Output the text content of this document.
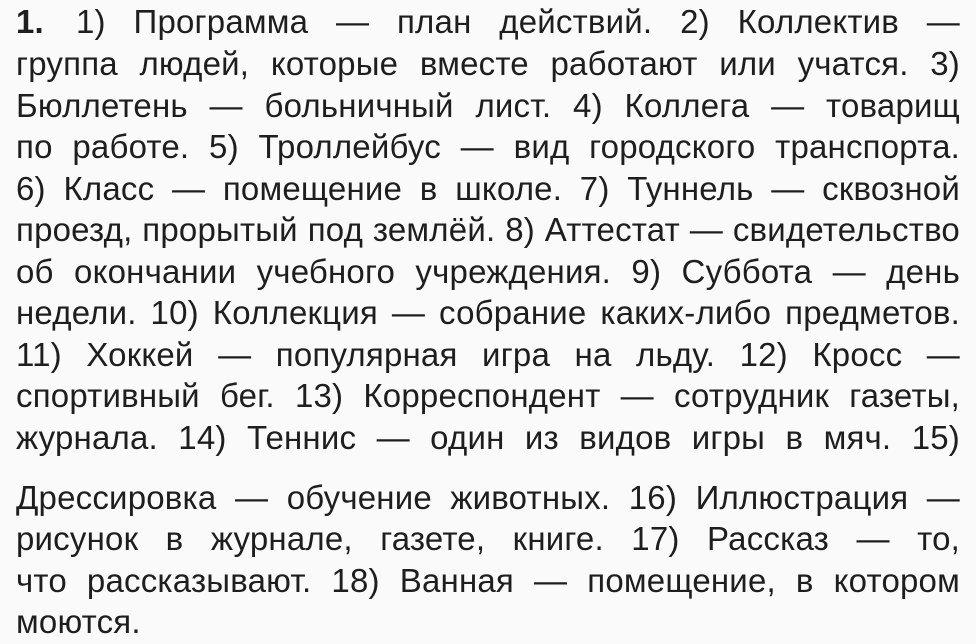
1) Программа — план действий. 2) Коллектив —
1.
группа людей, которые вместе работают или учатся. 3)
Бюллетень — больничный лист. 4) Коллега — товарищ
по работе. 5) Троллейбус — вид городского транспорта.
6) Класс — помещение в школе. 7) Туннель — сквозной
проезд, прорытый под землёй. 8) Аттестат — свидетельство
об окончании учебного учреждения. 9) Суббота — день
недели. 10) Коллекция — собрание каких-либо предметов.
11) Хоккей — популярная игра на льду. 12) Кросс —
спортивный бег. 13) Корреспондент — сотрудник газеты,
журнала. 14) Теннис — один из видов игры в мяч. 15)
Дрессировка — обучение животных. 16) Иллюстрация —
рисунок в журнале, газете, книге. 17) Рассказ — то,
что рассказывают. 18) Ванная — помещение, в котором
моются.
